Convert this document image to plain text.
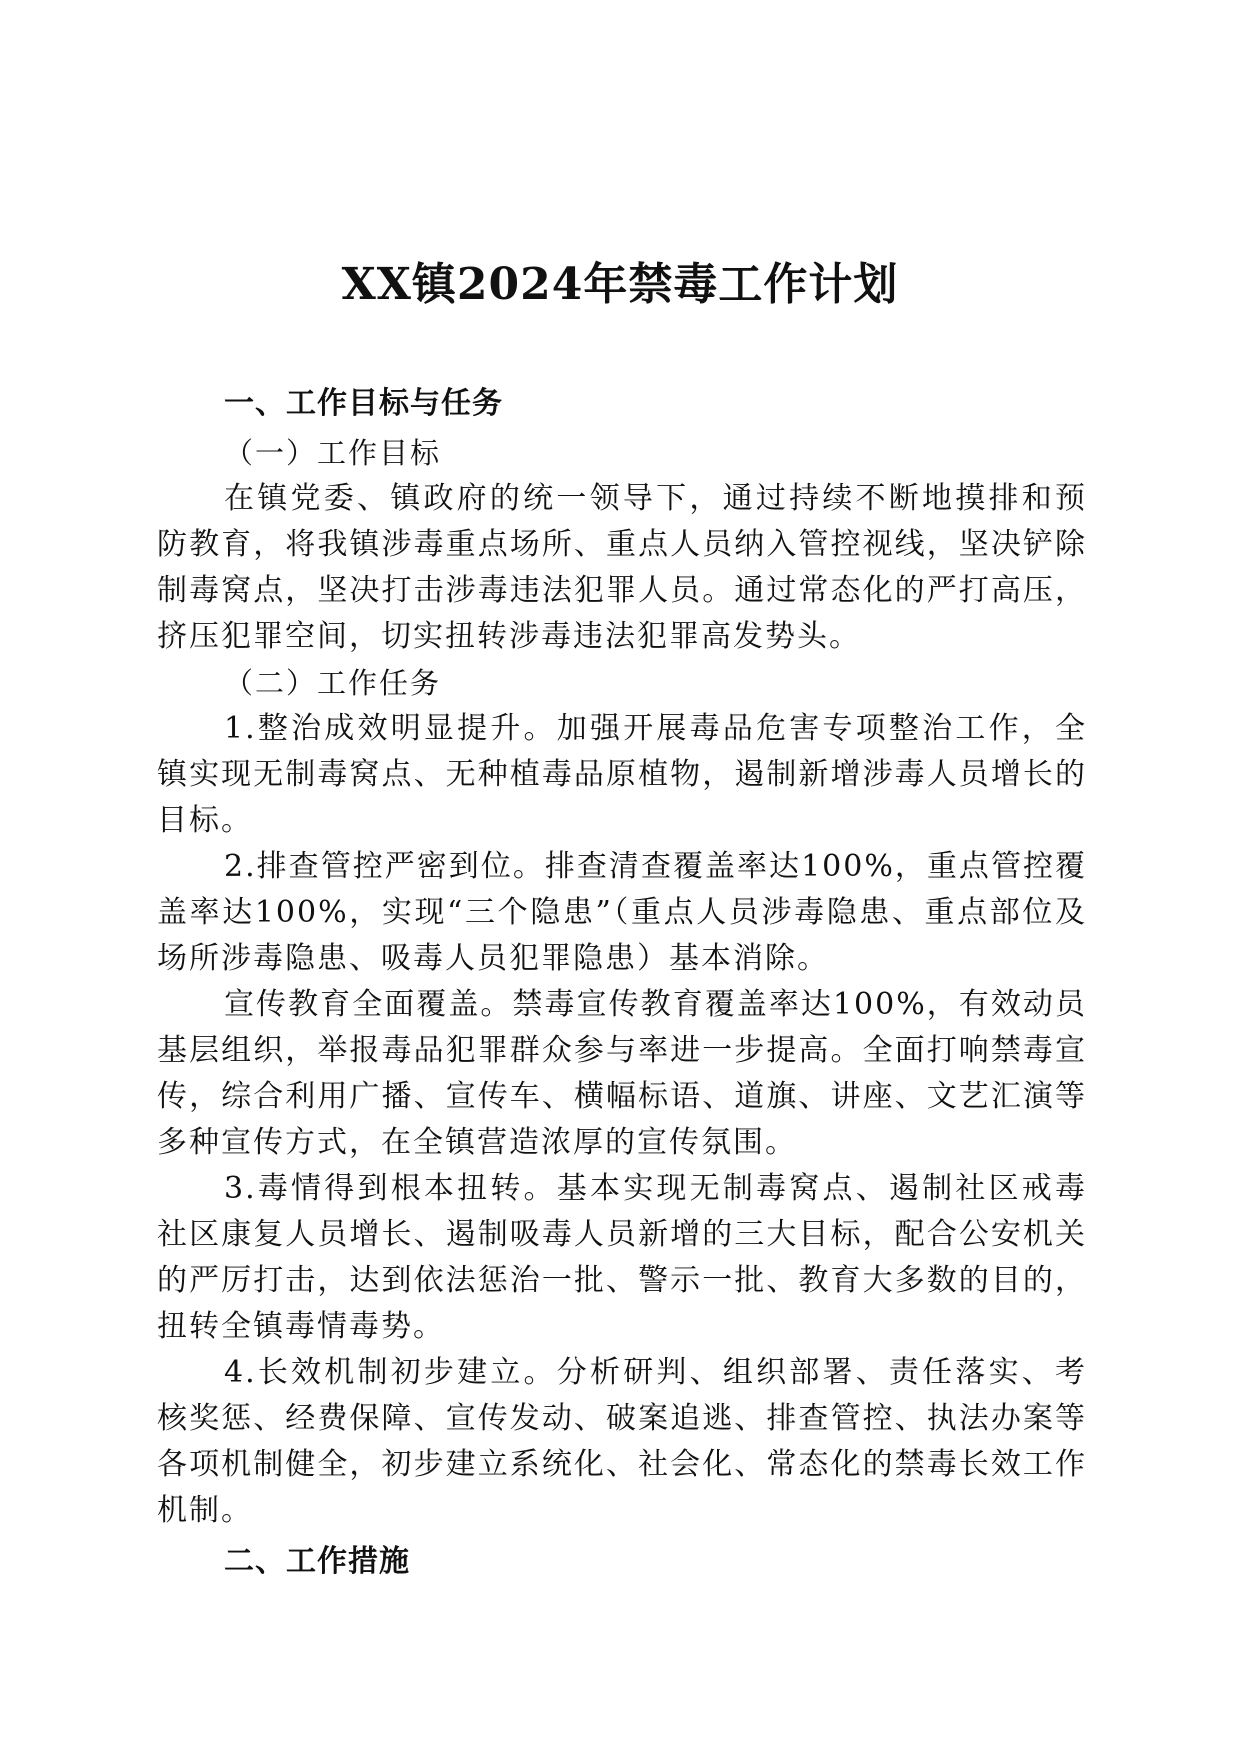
XX镇2024年禁毒工作计划

一、工作目标与任务

（一）工作目标

在镇党委、镇政府的统一领导下，通过持续不断地摸排和预防教育，将我镇涉毒重点场所、重点人员纳入管控视线，坚决铲除制毒窝点，坚决打击涉毒违法犯罪人员。通过常态化的严打高压，挤压犯罪空间，切实扭转涉毒违法犯罪高发势头。

（二）工作任务

1.整治成效明显提升。加强开展毒品危害专项整治工作，全镇实现无制毒窝点、无种植毒品原植物，遏制新增涉毒人员增长的目标。

2.排查管控严密到位。排查清查覆盖率达100%，重点管控覆盖率达100%，实现“三个隐患”（重点人员涉毒隐患、重点部位及场所涉毒隐患、吸毒人员犯罪隐患）基本消除。

宣传教育全面覆盖。禁毒宣传教育覆盖率达100%，有效动员基层组织，举报毒品犯罪群众参与率进一步提高。全面打响禁毒宣传，综合利用广播、宣传车、横幅标语、道旗、讲座、文艺汇演等多种宣传方式，在全镇营造浓厚的宣传氛围。

3.毒情得到根本扭转。基本实现无制毒窝点、遏制社区戒毒社区康复人员增长、遏制吸毒人员新增的三大目标，配合公安机关的严厉打击，达到依法惩治一批、警示一批、教育大多数的目的，扭转全镇毒情毒势。

4.长效机制初步建立。分析研判、组织部署、责任落实、考核奖惩、经费保障、宣传发动、破案追逃、排查管控、执法办案等各项机制健全，初步建立系统化、社会化、常态化的禁毒长效工作机制。

二、工作措施
